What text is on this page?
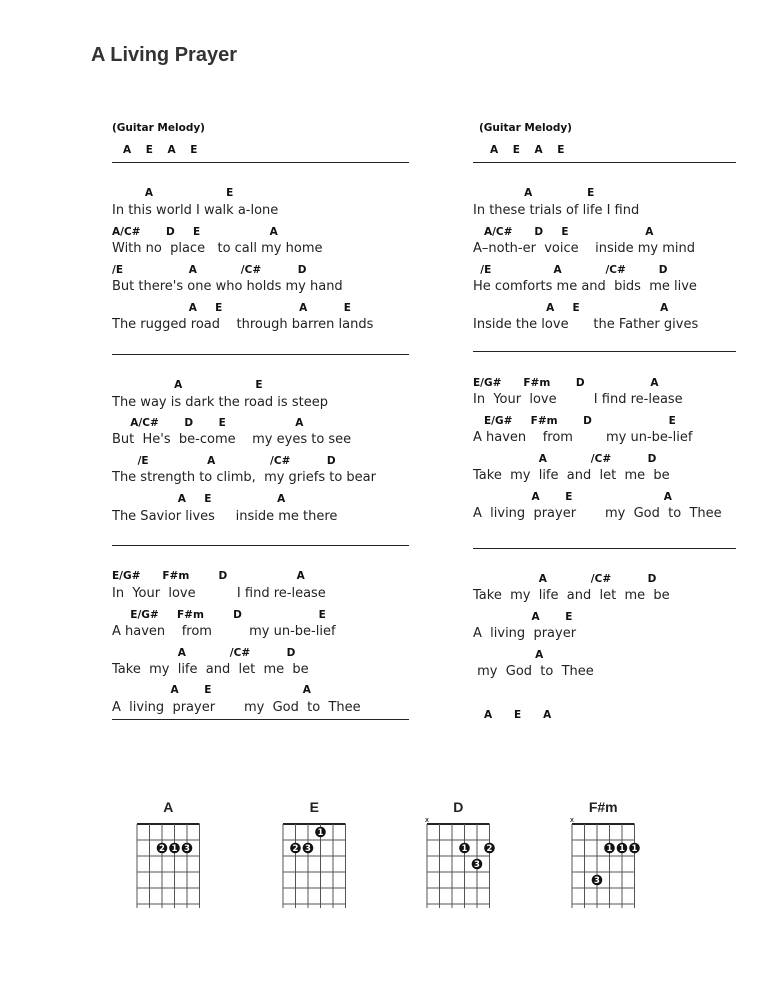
A Living Prayer
(Guitar Melody)
A    E    A    E
A                    E
In this world I walk a-lone
A/C#       D     E                   A
With no  place   to call my home
/E                  A            /C#          D
But there's one who holds my hand
A     E                     A          E
The rugged road    through barren lands
A                    E
The way is dark the road is steep
A/C#       D       E                   A
But  He's  be-come    my eyes to see
/E                A               /C#          D
The strength to climb,  my griefs to bear
A     E                  A
The Savior lives     inside me there
E/G#      F#m        D                   A
In  Your  love          I find re-lease
E/G#     F#m        D                     E
A haven    from         my un-be-lief
A            /C#          D
Take  my  life  and  let  me  be
A       E                         A
A  living  prayer       my  God  to  Thee
(Guitar Melody)
A    E    A    E
A               E
In these trials of life I find
A/C#      D     E                     A
A–noth-er  voice    inside my mind
/E                 A            /C#         D
He comforts me and  bids  me live
A     E                      A
Inside the love      the Father gives
E/G#      F#m       D                  A
In  Your  love         I find re-lease
E/G#     F#m       D                     E
A haven    from        my un-be-lief
A            /C#          D
Take  my  life  and  let  me  be
A       E                         A
A  living  prayer       my  God  to  Thee
A            /C#          D
Take  my  life  and  let  me  be
A       E
A  living  prayer
A
my  God  to  Thee
A      E      A
A
2 1 3
E
2 3
1
D
x
1
3
2
F#m
x
1 1 1
3
